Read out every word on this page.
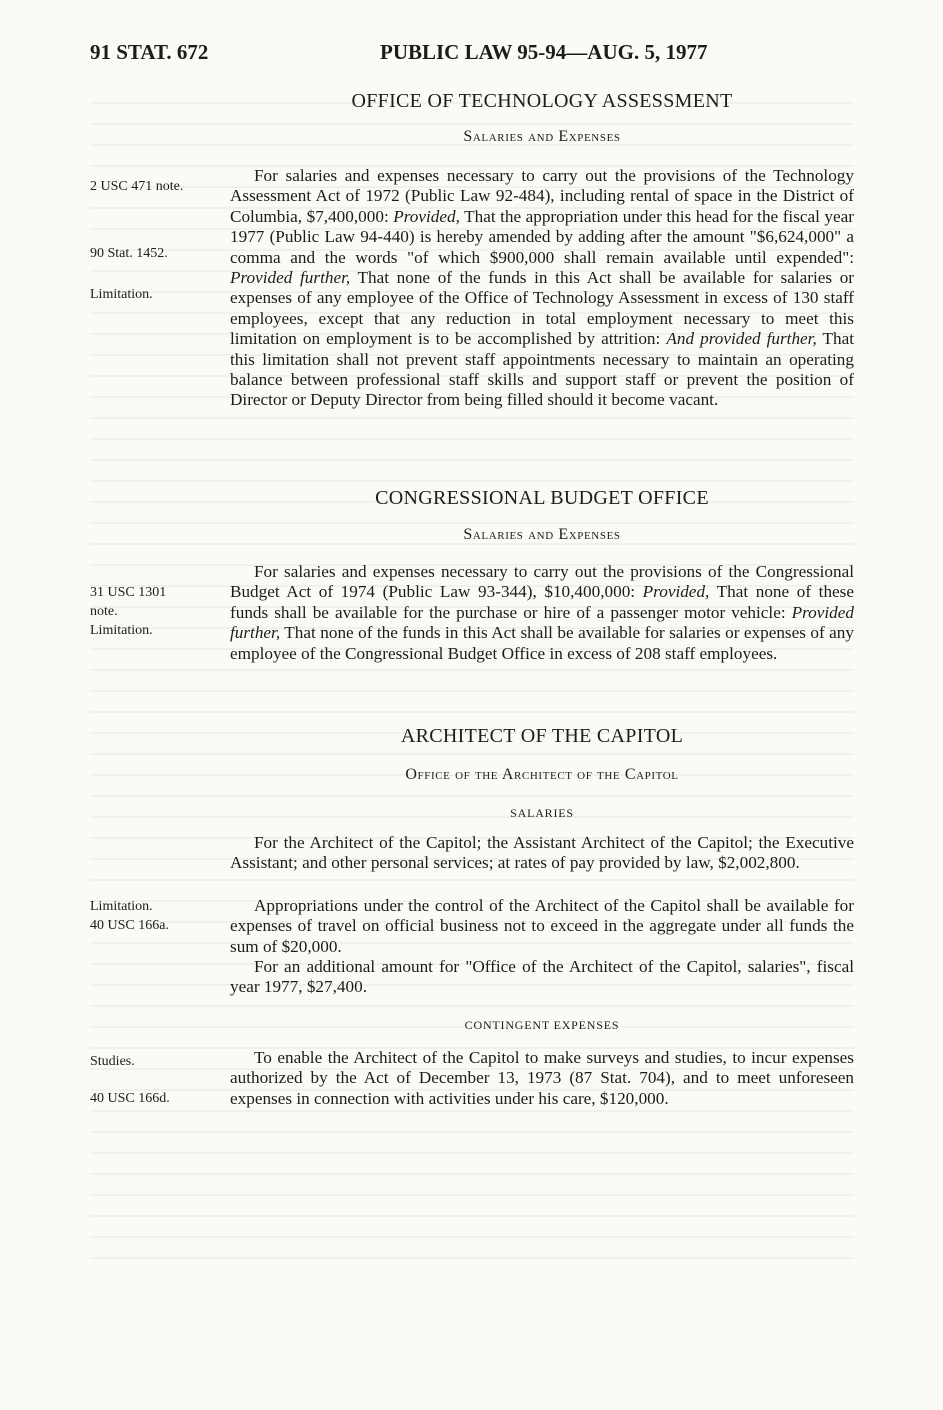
91 STAT. 672	PUBLIC LAW 95-94—AUG. 5, 1977
2 USC 471 note.
90 Stat. 1452.
Limitation.
31 USC 1301
note.
Limitation.
Limitation.
40 USC 166a.
Studies.
40 USC 166d.
OFFICE OF TECHNOLOGY ASSESSMENT
Salaries and Expenses

For salaries and expenses necessary to carry out the provisions of the Technology Assessment Act of 1972 (Public Law 92-484), including rental of space in the District of Columbia, $7,400,000: Provided, That the appropriation under this head for the fiscal year 1977 (Public Law 94-440) is hereby amended by adding after the amount "$6,624,000" a comma and the words "of which $900,000 shall remain available until expended": Provided further, That none of the funds in this Act shall be available for salaries or expenses of any employee of the Office of Technology Assessment in excess of 130 staff employees, except that any reduction in total employment necessary to meet this limitation on employment is to be accomplished by attrition: And provided further, That this limitation shall not prevent staff appointments necessary to maintain an operating balance between professional staff skills and support staff or prevent the position of Director or Deputy Director from being filled should it become vacant.

CONGRESSIONAL BUDGET OFFICE
Salaries and Expenses

For salaries and expenses necessary to carry out the provisions of the Congressional Budget Act of 1974 (Public Law 93-344), $10,400,000: Provided, That none of these funds shall be available for the purchase or hire of a passenger motor vehicle: Provided further, That none of the funds in this Act shall be available for salaries or expenses of any employee of the Congressional Budget Office in excess of 208 staff employees.

ARCHITECT OF THE CAPITOL
Office of the Architect of the Capitol
SALARIES

For the Architect of the Capitol; the Assistant Architect of the Capitol; the Executive Assistant; and other personal services; at rates of pay provided by law, $2,002,800.

Appropriations under the control of the Architect of the Capitol shall be available for expenses of travel on official business not to exceed in the aggregate under all funds the sum of $20,000.

For an additional amount for "Office of the Architect of the Capitol, salaries", fiscal year 1977, $27,400.

CONTINGENT EXPENSES

To enable the Architect of the Capitol to make surveys and studies, to incur expenses authorized by the Act of December 13, 1973 (87 Stat. 704), and to meet unforeseen expenses in connection with activities under his care, $120,000.
